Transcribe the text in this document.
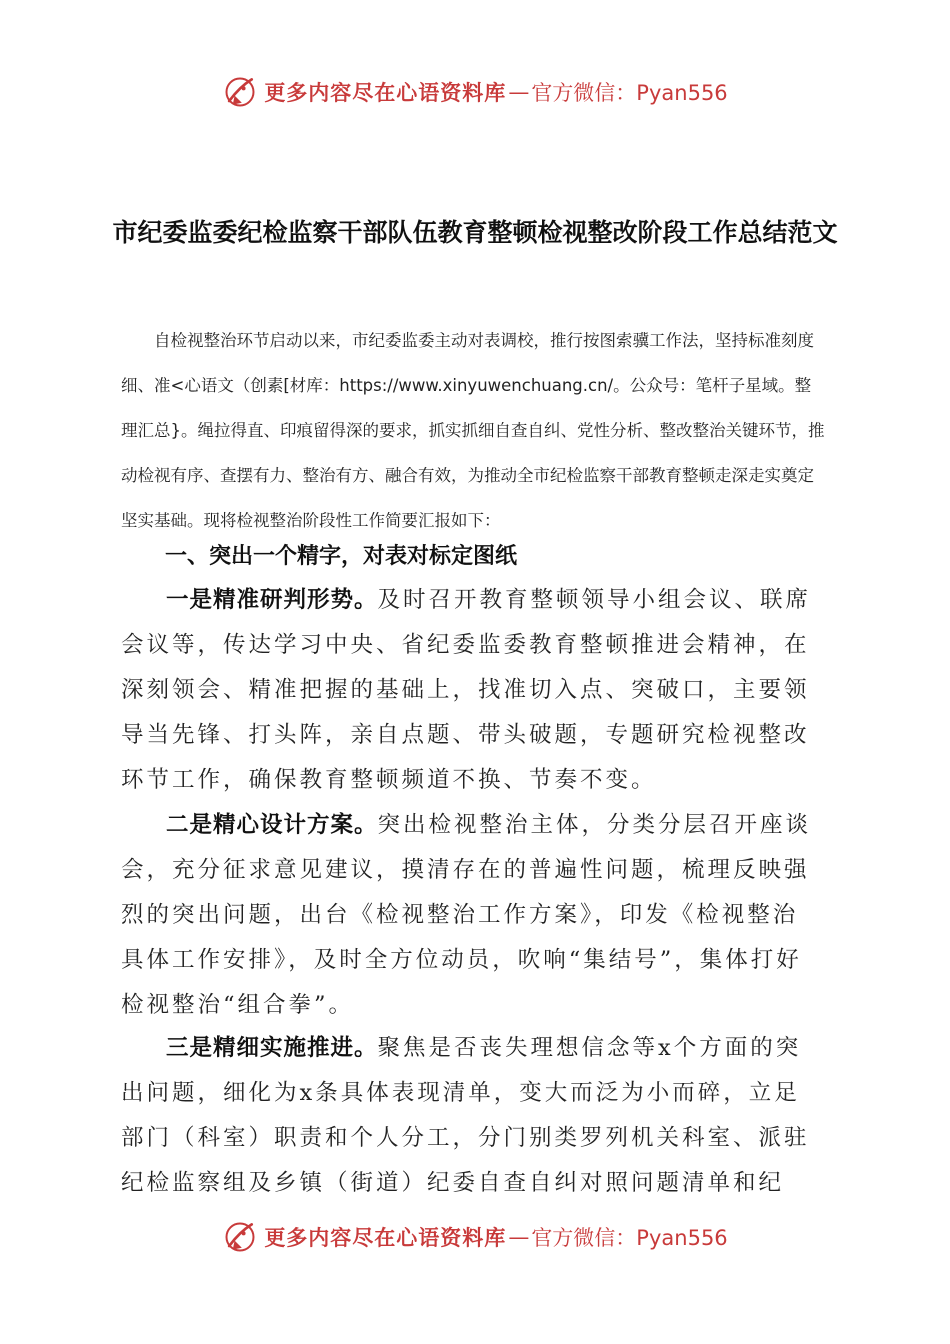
更多内容尽在心语资料库 — 官方微信：Pyan556
市纪委监委纪检监察干部队伍教育整顿检视整改阶段工作总结范文

自检视整治环节启动以来，市纪委监委主动对表调校，推行按图索骥工作法，坚持标准刻度细、准<心语文（创素[材库：https://www.xinyuwenchuang.cn/。公众号：笔杆子星域。整理汇总}。绳拉得直、印痕留得深的要求，抓实抓细自查自纠、党性分析、整改整治关键环节，推动检视有序、查摆有力、整治有方、融合有效，为推动全市纪检监察干部教育整顿走深走实奠定坚实基础。现将检视整治阶段性工作简要汇报如下：

一、突出一个精字，对表对标定图纸

一是精准研判形势。及时召开教育整顿领导小组会议、联席会议等，传达学习中央、省纪委监委教育整顿推进会精神，在深刻领会、精准把握的基础上，找准切入点、突破口，主要领导当先锋、打头阵，亲自点题、带头破题，专题研究检视整改环节工作，确保教育整顿频道不换、节奏不变。

二是精心设计方案。突出检视整治主体，分类分层召开座谈会，充分征求意见建议，摸清存在的普遍性问题，梳理反映强烈的突出问题，出台《检视整治工作方案》，印发《检视整治具体工作安排》，及时全方位动员，吹响“集结号”，集体打好检视整治“组合拳”。

三是精细实施推进。聚焦是否丧失理想信念等x个方面的突出问题，细化为x条具体表现清单，变大而泛为小而碎，立足部门（科室）职责和个人分工，分门别类罗列机关科室、派驻纪检监察组及乡镇（街道）纪委自查自纠对照问题清单和纪

更多内容尽在心语资料库 — 官方微信：Pyan556
